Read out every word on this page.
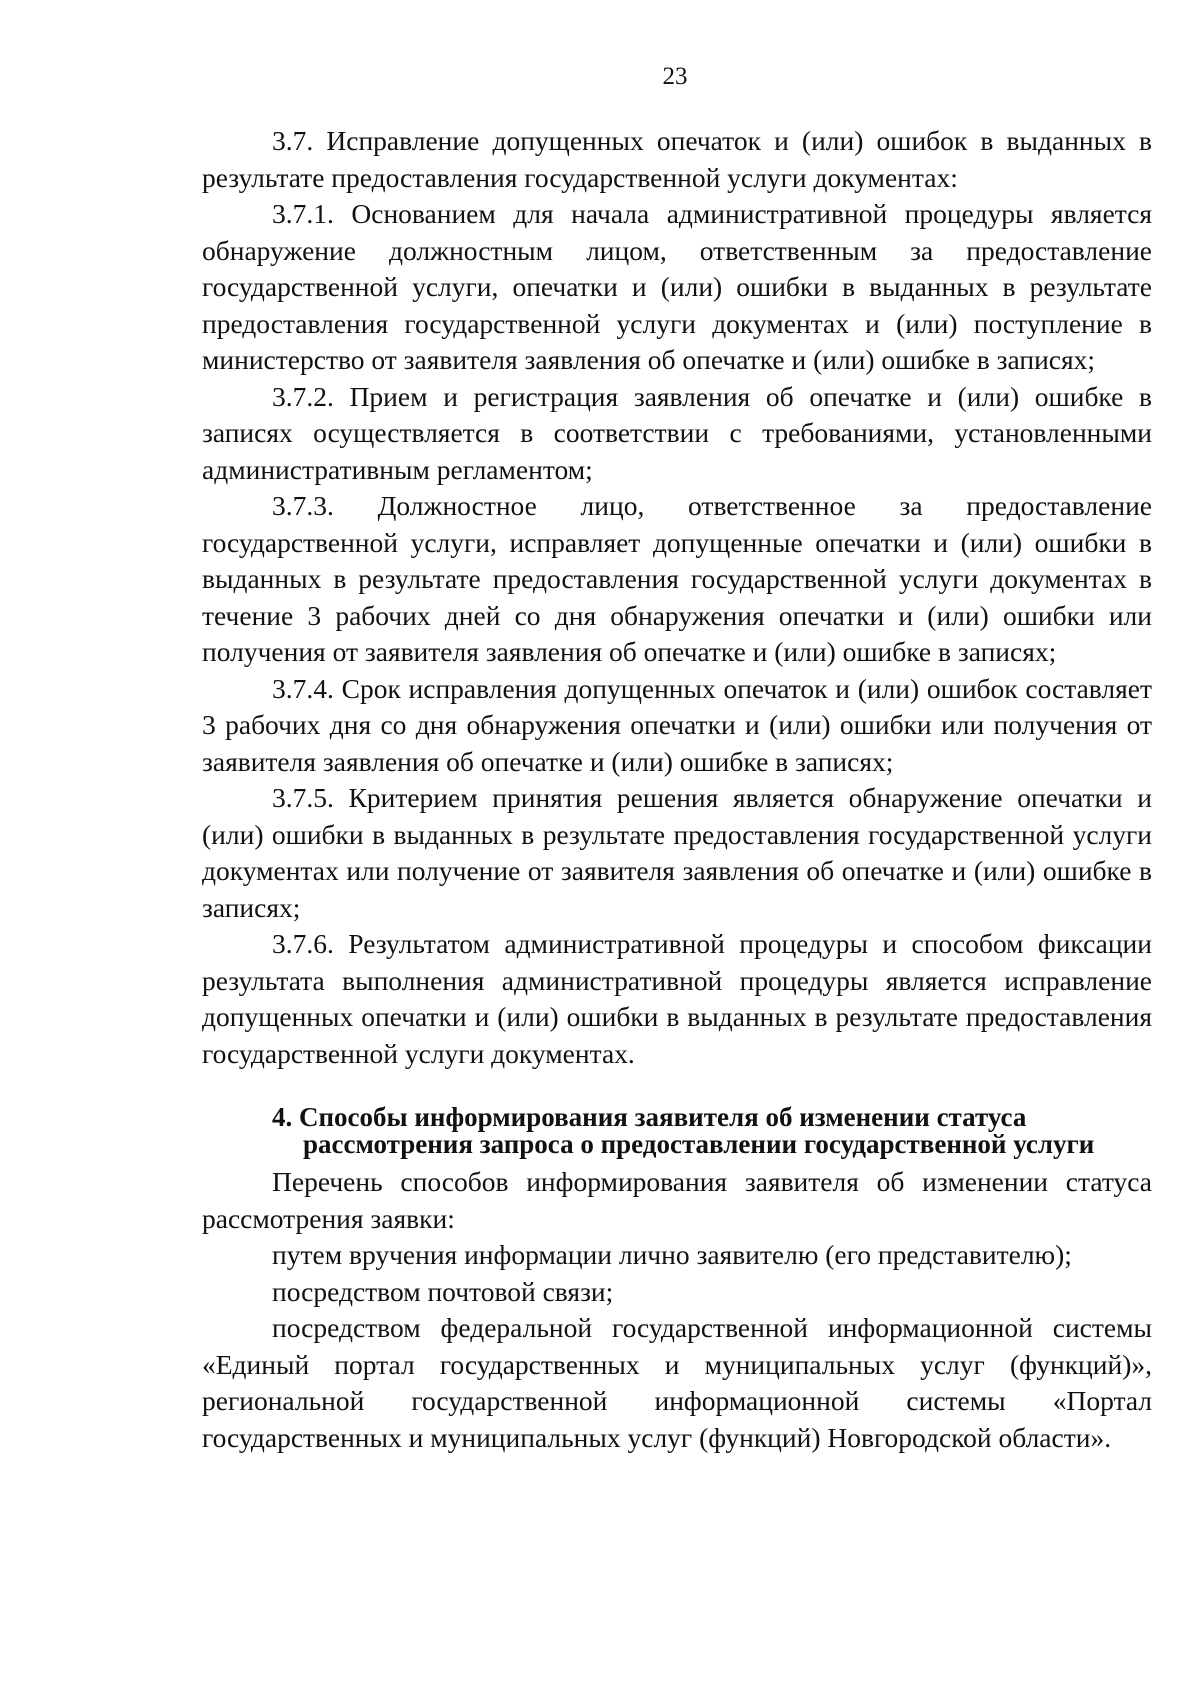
23

3.7. Исправление допущенных опечаток и (или) ошибок в выданных в результате предоставления государственной услуги документах:

3.7.1. Основанием для начала административной процедуры является обнаружение должностным лицом, ответственным за предоставление государственной услуги, опечатки и (или) ошибки в выданных в результате предоставления государственной услуги документах и (или) поступление в министерство от заявителя заявления об опечатке и (или) ошибке в записях;

3.7.2. Прием и регистрация заявления об опечатке и (или) ошибке в записях осуществляется в соответствии с требованиями, установленными административным регламентом;

3.7.3. Должностное лицо, ответственное за предоставление государственной услуги, исправляет допущенные опечатки и (или) ошибки в выданных в результате предоставления государственной услуги документах в течение 3 рабочих дней со дня обнаружения опечатки и (или) ошибки или получения от заявителя заявления об опечатке и (или) ошибке в записях;

3.7.4. Срок исправления допущенных опечаток и (или) ошибок составляет 3 рабочих дня со дня обнаружения опечатки и (или) ошибки или получения от заявителя заявления об опечатке и (или) ошибке в записях;

3.7.5. Критерием принятия решения является обнаружение опечатки и (или) ошибки в выданных в результате предоставления государственной услуги документах или получение от заявителя заявления об опечатке и (или) ошибке в записях;

3.7.6. Результатом административной процедуры и способом фиксации результата выполнения административной процедуры является исправление допущенных опечатки и (или) ошибки в выданных в результате предоставления государственной услуги документах.

4. Способы информирования заявителя об изменении статуса
рассмотрения запроса о предоставлении государственной услуги

Перечень способов информирования заявителя об изменении статуса рассмотрения заявки:

путем вручения информации лично заявителю (его представителю);

посредством почтовой связи;

посредством федеральной государственной информационной системы «Единый портал государственных и муниципальных услуг (функций)», региональной государственной информационной системы «Портал государственных и муниципальных услуг (функций) Новгородской области».
